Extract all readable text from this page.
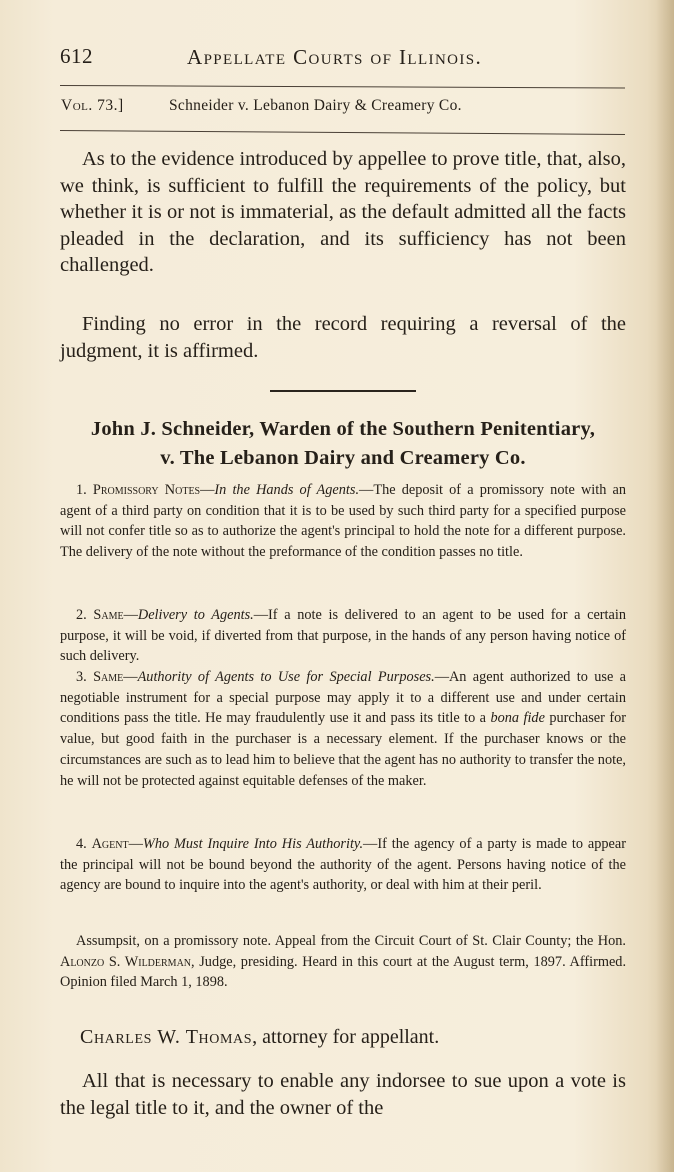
612	Appellate Courts of Illinois.
Vol. 73.]	Schneider v. Lebanon Dairy & Creamery Co.

As to the evidence introduced by appellee to prove title, that, also, we think, is sufficient to fulfill the requirements of the policy, but whether it is or not is immaterial, as the default admitted all the facts pleaded in the declaration, and its sufficiency has not been challenged.

Finding no error in the record requiring a reversal of the judgment, it is affirmed.

John J. Schneider, Warden of the Southern Penitentiary,
v. The Lebanon Dairy and Creamery Co.

1. Promissory Notes—In the Hands of Agents.—The deposit of a promissory note with an agent of a third party on condition that it is to be used by such third party for a specified purpose will not confer title so as to authorize the agent's principal to hold the note for a different purpose. The delivery of the note without the preformance of the condition passes no title.

2. Same—Delivery to Agents.—If a note is delivered to an agent to be used for a certain purpose, it will be void, if diverted from that purpose, in the hands of any person having notice of such delivery.

3. Same—Authority of Agents to Use for Special Purposes.—An agent authorized to use a negotiable instrument for a special purpose may apply it to a different use and under certain conditions pass the title. He may fraudulently use it and pass its title to a bona fide purchaser for value, but good faith in the purchaser is a necessary element. If the purchaser knows or the circumstances are such as to lead him to believe that the agent has no authority to transfer the note, he will not be protected against equitable defenses of the maker.

4. Agent—Who Must Inquire Into His Authority.—If the agency of a party is made to appear the principal will not be bound beyond the authority of the agent. Persons having notice of the agency are bound to inquire into the agent's authority, or deal with him at their peril.

Assumpsit, on a promissory note. Appeal from the Circuit Court of St. Clair County; the Hon. Alonzo S. Wilderman, Judge, presiding. Heard in this court at the August term, 1897. Affirmed. Opinion filed March 1, 1898.

Charles W. Thomas, attorney for appellant.

All that is necessary to enable any indorsee to sue upon a vote is the legal title to it, and the owner of the
